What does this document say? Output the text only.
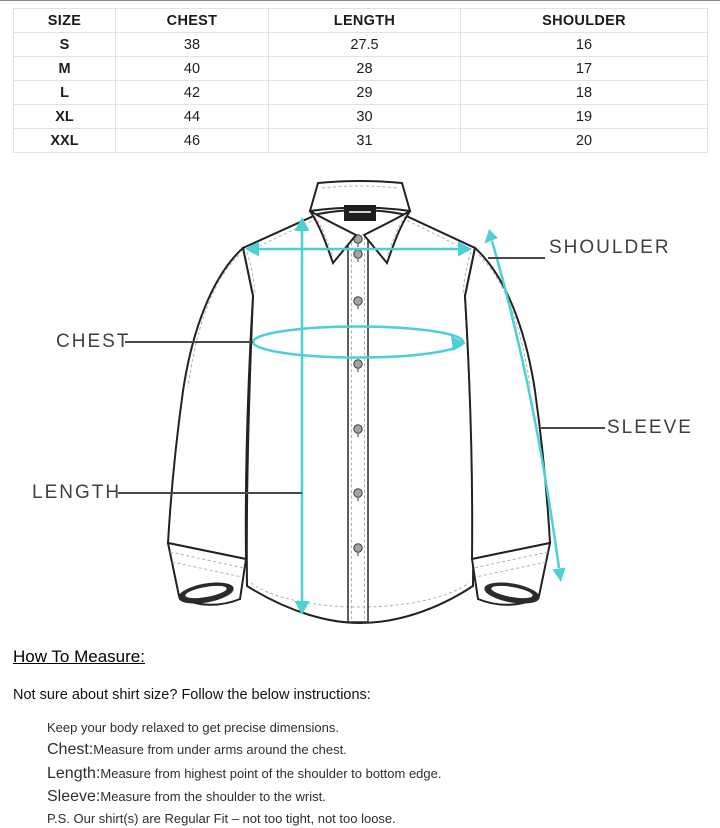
SIZE	CHEST	LENGTH	SHOULDER
S	38	27.5	16
M	40	28	17
L	42	29	18
XL	44	30	19
XXL	46	31	20
SHOULDER
CHEST
LENGTH
SLEEVE
How To Measure:
Not sure about shirt size? Follow the below instructions:
Keep your body relaxed to get precise dimensions.
Chest:Measure from under arms around the chest.
Length:Measure from highest point of the shoulder to bottom edge.
Sleeve:Measure from the shoulder to the wrist.
P.S. Our shirt(s) are Regular Fit – not too tight, not too loose.
